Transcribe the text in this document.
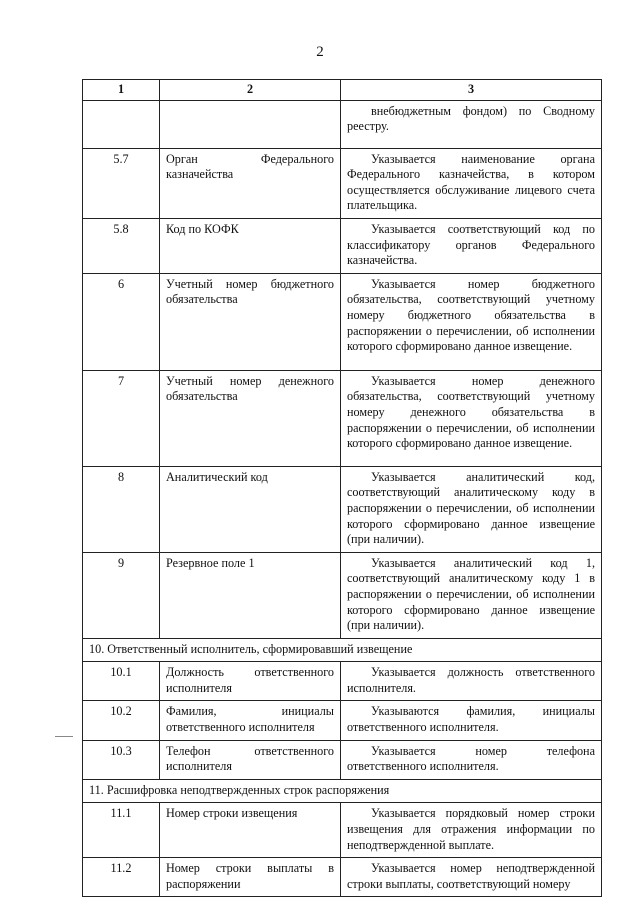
2
1	2	3
		внебюджетным фондом) по Сводному реестру.
5.7	Орган Федерального казначейства	Указывается наименование органа Федерального казначейства, в котором осуществляется обслуживание лицевого счета плательщика.
5.8	Код по КОФК	Указывается соответствующий код по классификатору органов Федерального казначейства.
6	Учетный номер бюджетного обязательства	Указывается номер бюджетного обязательства, соответствующий учетному номеру бюджетного обязательства в распоряжении о перечислении, об исполнении которого сформировано данное извещение.
7	Учетный номер денежного обязательства	Указывается номер денежного обязательства, соответствующий учетному номеру денежного обязательства в распоряжении о перечислении, об исполнении которого сформировано данное извещение.
8	Аналитический код	Указывается аналитический код, соответствующий аналитическому коду в распоряжении о перечислении, об исполнении которого сформировано данное извещение (при наличии).
9	Резервное поле 1	Указывается аналитический код 1, соответствующий аналитическому коду 1 в распоряжении о перечислении, об исполнении которого сформировано данное извещение (при наличии).
10. Ответственный исполнитель, сформировавший извещение		
10.1	Должность ответственного исполнителя	Указывается должность ответственного исполнителя.
10.2	Фамилия, инициалы ответственного исполнителя	Указываются фамилия, инициалы ответственного исполнителя.
10.3	Телефон ответственного исполнителя	Указывается номер телефона ответственного исполнителя.
11. Расшифровка неподтвержденных строк распоряжения		
11.1	Номер строки извещения	Указывается порядковый номер строки извещения для отражения информации по неподтвержденной выплате.
11.2	Номер строки выплаты в распоряжении	Указывается номер неподтвержденной строки выплаты, соответствующий номеру
